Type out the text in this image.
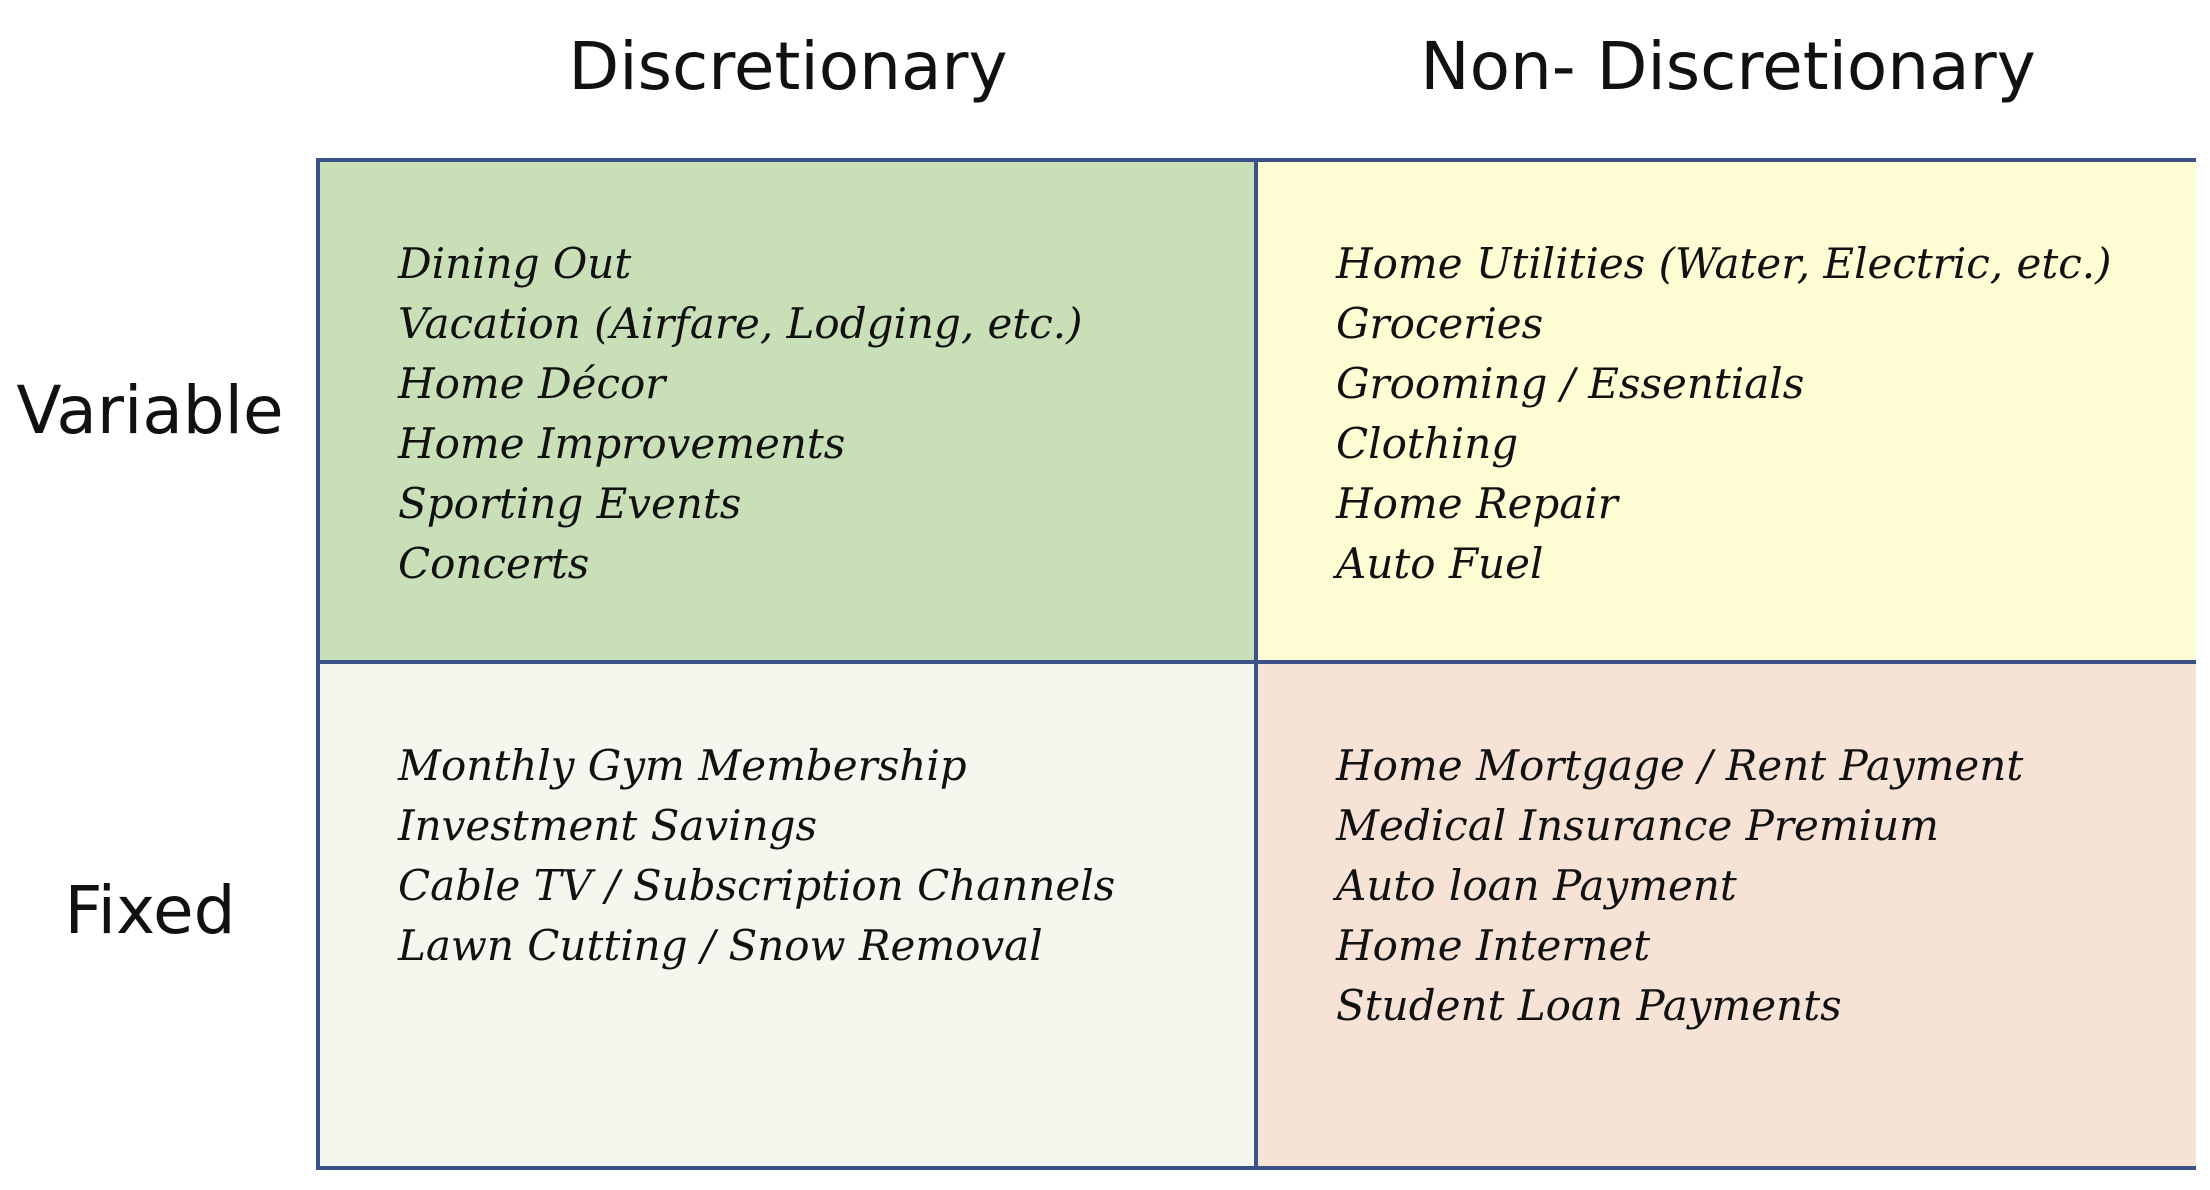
Discretionary	Non- Discretionary
Variable
Fixed
Dining Out
Vacation (Airfare, Lodging, etc.)
Home Décor
Home Improvements
Sporting Events
Concerts
Home Utilities (Water, Electric, etc.)
Groceries
Grooming / Essentials
Clothing
Home Repair
Auto Fuel
Monthly Gym Membership
Investment Savings
Cable TV / Subscription Channels
Lawn Cutting / Snow Removal
Home Mortgage / Rent Payment
Medical Insurance Premium
Auto loan Payment
Home Internet
Student Loan Payments
